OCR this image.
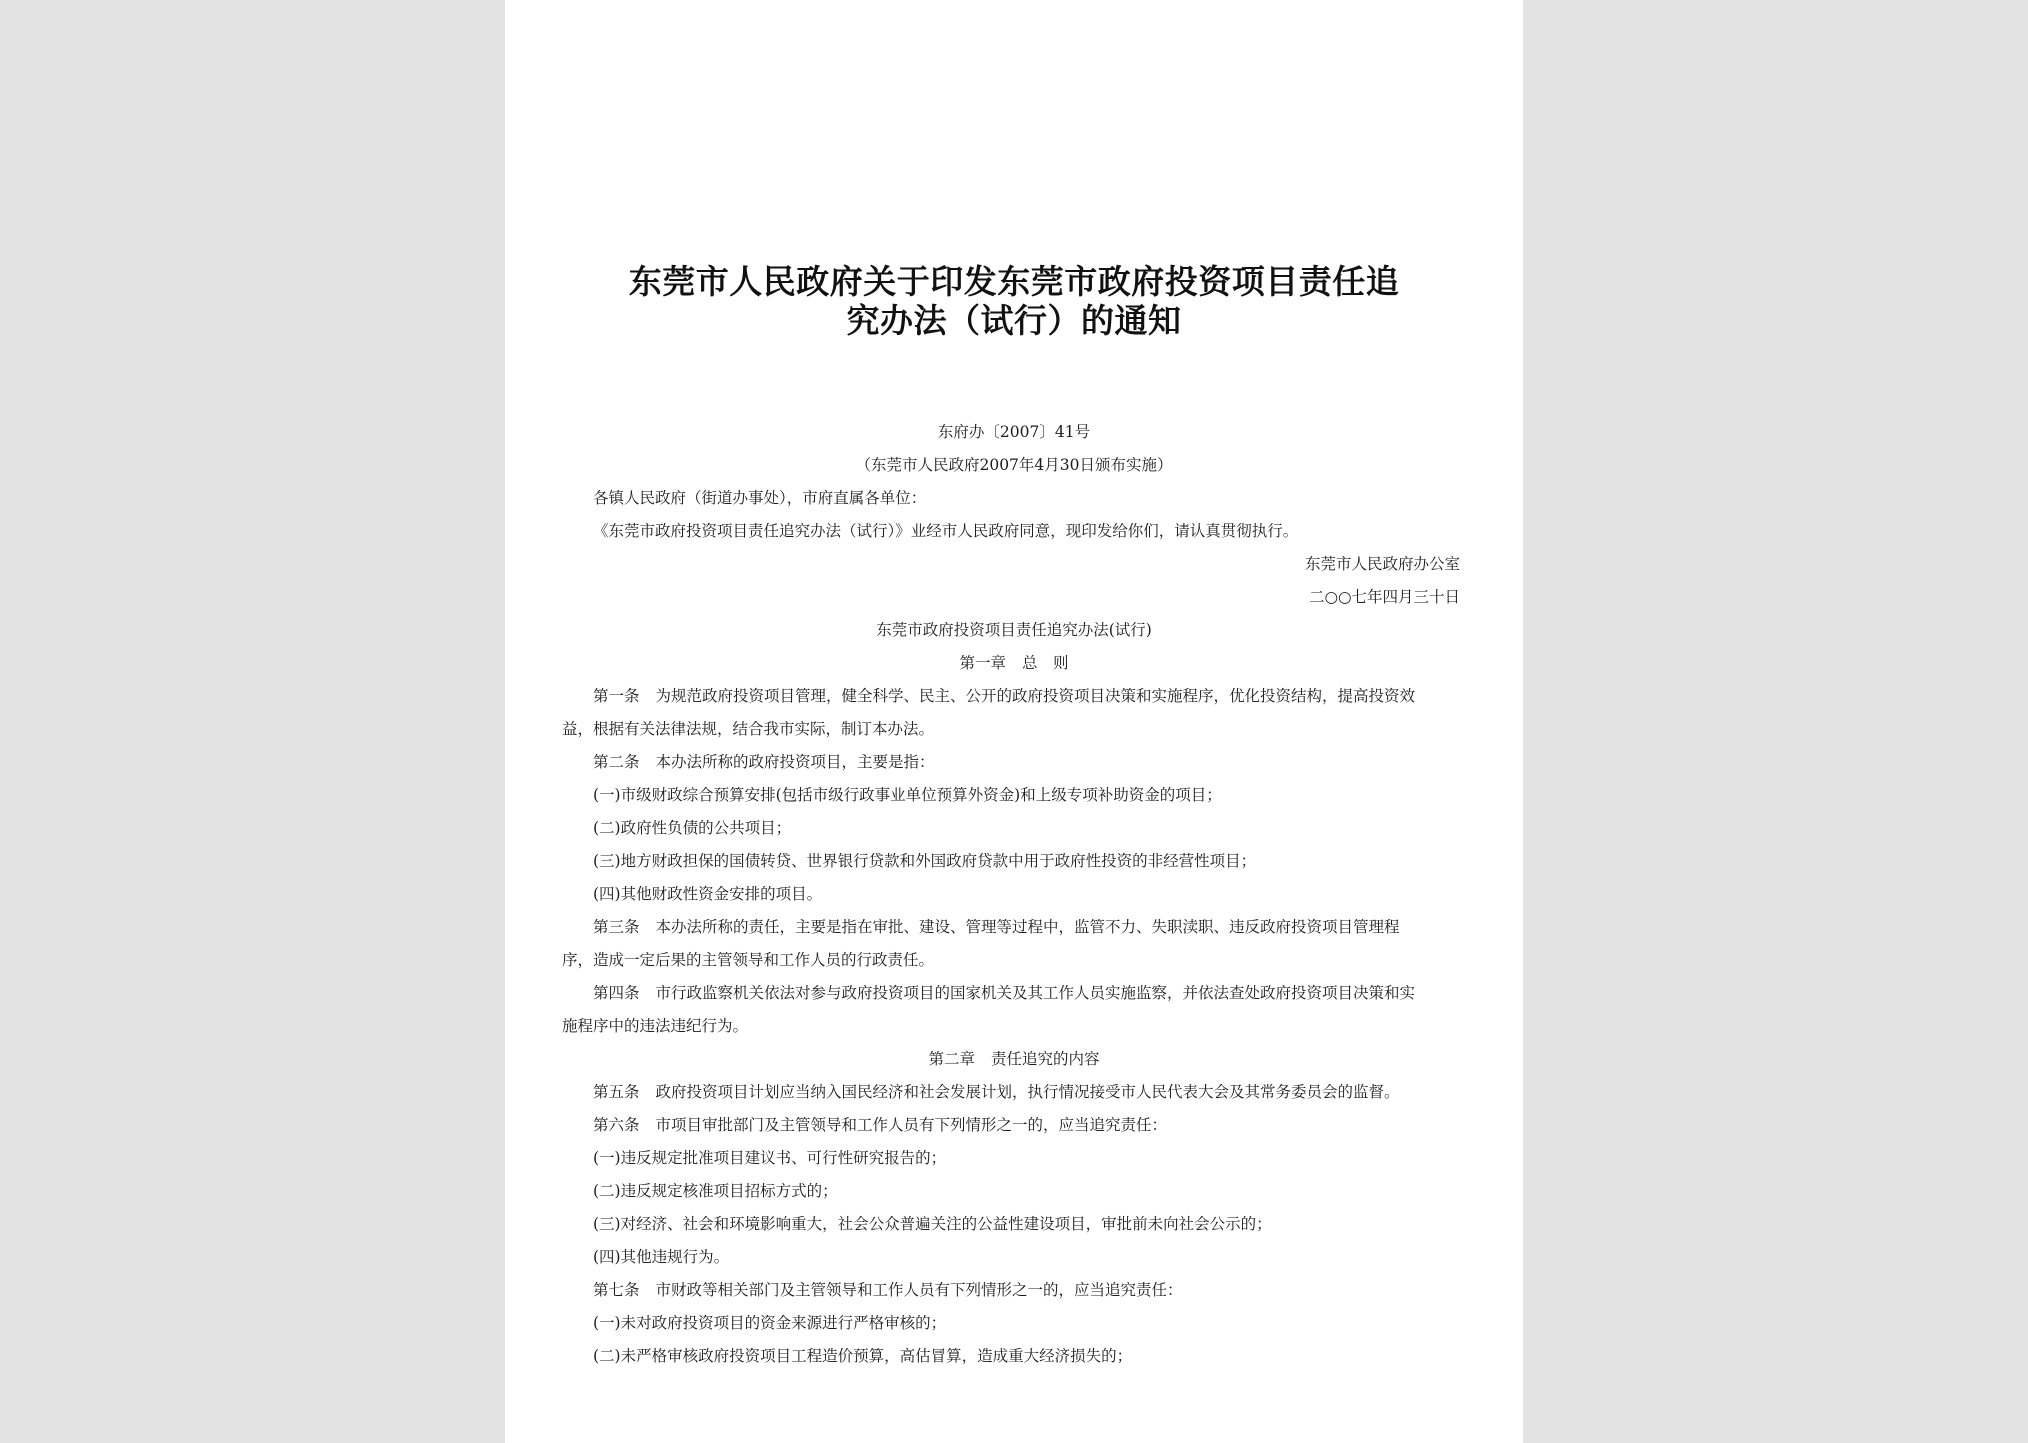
东莞市人民政府关于印发东莞市政府投资项目责任追
究办法（试行）的通知
东府办〔2007〕41号
（东莞市人民政府2007年4月30日颁布实施）
各镇人民政府（街道办事处），市府直属各单位：
《东莞市政府投资项目责任追究办法（试行）》业经市人民政府同意，现印发给你们，请认真贯彻执行。
东莞市人民政府办公室
二○○七年四月三十日
东莞市政府投资项目责任追究办法(试行)
第一章 总　则
第一条 为规范政府投资项目管理，健全科学、民主、公开的政府投资项目决策和实施程序，优化投资结构，提高投资效
益，根据有关法律法规，结合我市实际，制订本办法。
第二条 本办法所称的政府投资项目，主要是指：
(一)市级财政综合预算安排(包括市级行政事业单位预算外资金)和上级专项补助资金的项目；
(二)政府性负债的公共项目；
(三)地方财政担保的国债转贷、世界银行贷款和外国政府贷款中用于政府性投资的非经营性项目；
(四)其他财政性资金安排的项目。
第三条 本办法所称的责任，主要是指在审批、建设、管理等过程中，监管不力、失职渎职、违反政府投资项目管理程
序，造成一定后果的主管领导和工作人员的行政责任。
第四条 市行政监察机关依法对参与政府投资项目的国家机关及其工作人员实施监察，并依法查处政府投资项目决策和实
施程序中的违法违纪行为。
第二章 责任追究的内容
第五条 政府投资项目计划应当纳入国民经济和社会发展计划，执行情况接受市人民代表大会及其常务委员会的监督。
第六条 市项目审批部门及主管领导和工作人员有下列情形之一的，应当追究责任：
(一)违反规定批准项目建议书、可行性研究报告的；
(二)违反规定核准项目招标方式的；
(三)对经济、社会和环境影响重大，社会公众普遍关注的公益性建设项目，审批前未向社会公示的；
(四)其他违规行为。
第七条 市财政等相关部门及主管领导和工作人员有下列情形之一的，应当追究责任：
(一)未对政府投资项目的资金来源进行严格审核的；
(二)未严格审核政府投资项目工程造价预算，高估冒算，造成重大经济损失的；
